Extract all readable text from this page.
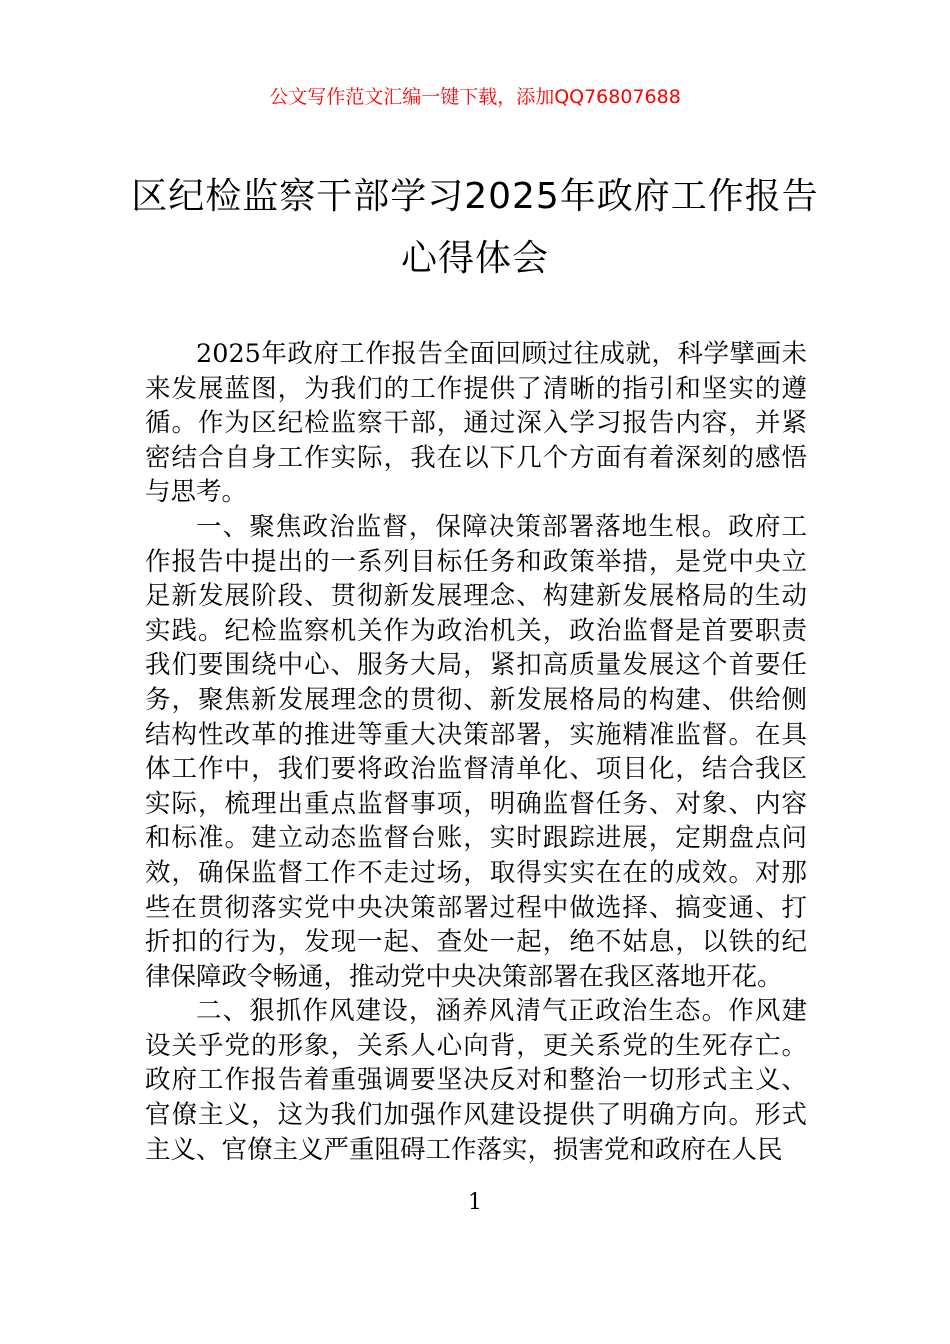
公文写作范文汇编一键下载，添加QQ76807688
区纪检监察干部学习2025年政府工作报告
心得体会

2025年政府工作报告全面回顾过往成就，科学擘画未来发展蓝图，为我们的工作提供了清晰的指引和坚实的遵循。作为区纪检监察干部，通过深入学习报告内容，并紧密结合自身工作实际，我在以下几个方面有着深刻的感悟与思考。

一、聚焦政治监督，保障决策部署落地生根。政府工作报告中提出的一系列目标任务和政策举措，是党中央立足新发展阶段、贯彻新发展理念、构建新发展格局的生动实践。纪检监察机关作为政治机关，政治监督是首要职责我们要围绕中心、服务大局，紧扣高质量发展这个首要任务，聚焦新发展理念的贯彻、新发展格局的构建、供给侧结构性改革的推进等重大决策部署，实施精准监督。在具体工作中，我们要将政治监督清单化、项目化，结合我区实际，梳理出重点监督事项，明确监督任务、对象、内容和标准。建立动态监督台账，实时跟踪进展，定期盘点问效，确保监督工作不走过场，取得实实在在的成效。对那些在贯彻落实党中央决策部署过程中做选择、搞变通、打折扣的行为，发现一起、查处一起，绝不姑息，以铁的纪律保障政令畅通，推动党中央决策部署在我区落地开花。

二、狠抓作风建设，涵养风清气正政治生态。作风建设关乎党的形象，关系人心向背，更关系党的生死存亡。政府工作报告着重强调要坚决反对和整治一切形式主义、官僚主义，这为我们加强作风建设提供了明确方向。形式主义、官僚主义严重阻碍工作落实，损害党和政府在人民

1
